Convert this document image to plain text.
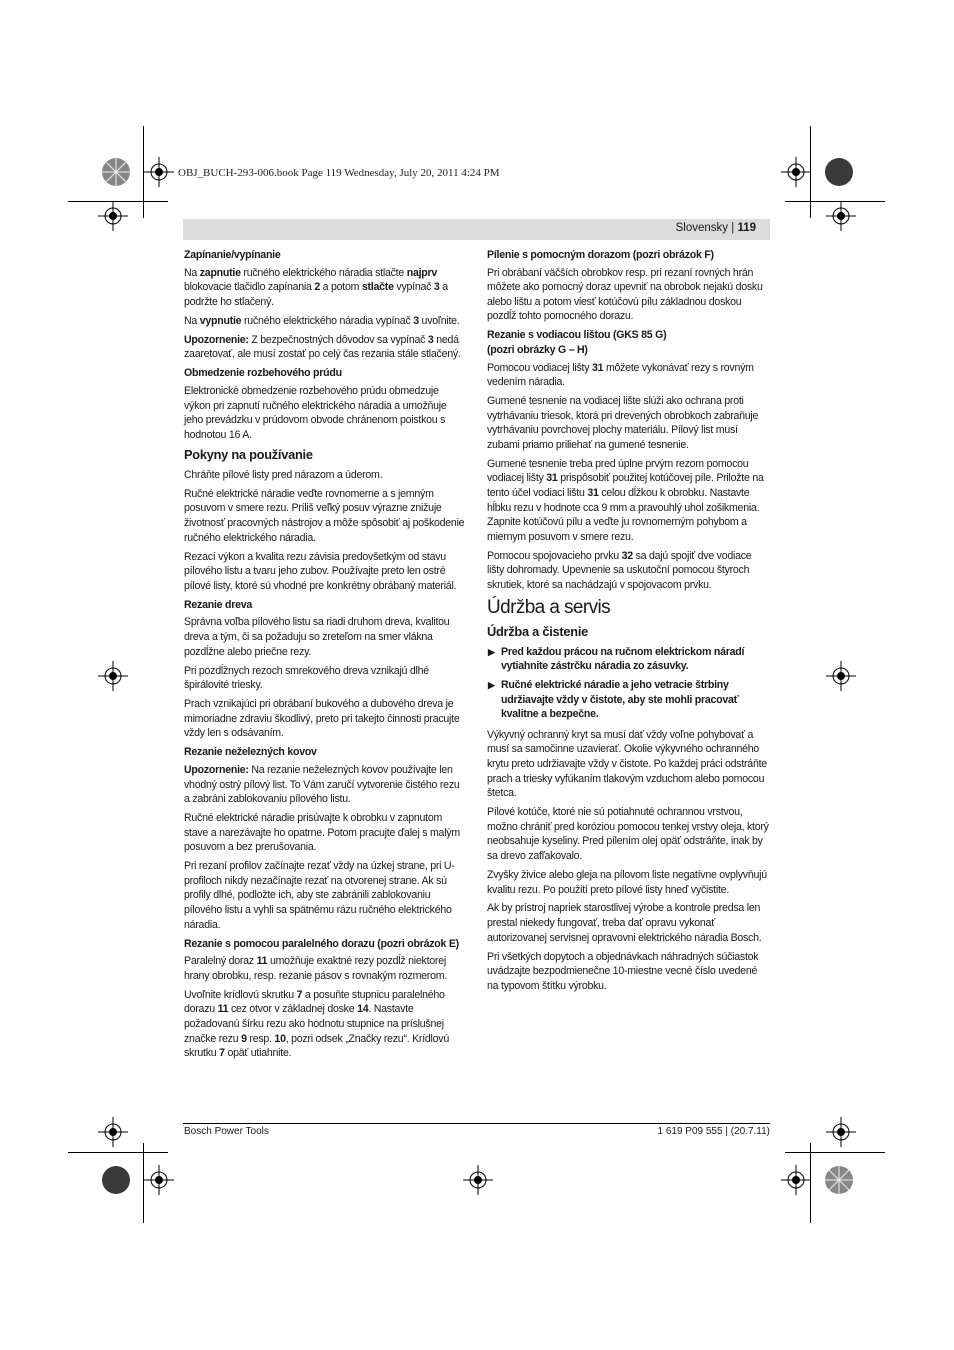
OBJ_BUCH-293-006.book Page 119 Wednesday, July 20, 2011 4:24 PM
Slovensky | 119
Zapínanie/vypínanie

Na zapnutie ručného elektrického náradia stlačte najprv blokovacie tlačidlo zapínania 2 a potom stlačte vypínač 3 a podržte ho stlačený.

Na vypnutie ručného elektrického náradia vypínač 3 uvoľnite.

Upozornenie: Z bezpečnostných dôvodov sa vypínač 3 nedá zaaretovať, ale musí zostať po celý čas rezania stále stlačený.

Obmedzenie rozbehového prúdu

Elektronické obmedzenie rozbehového prúdu obmedzuje výkon pri zapnutí ručného elektrického náradia a umožňuje jeho prevádzku v prúdovom obvode chránenom poistkou s hodnotou 16 A.

Pokyny na používanie

Chráňte pílové listy pred nárazom a úderom.

Ručné elektrické náradie veďte rovnomerne a s jemným posuvom v smere rezu. Príliš veľký posuv výrazne znižuje životnosť pracovných nástrojov a môže spôsobiť aj poškodenie ručného elektrického náradia.

Rezací výkon a kvalita rezu závisia predovšetkým od stavu pílového listu a tvaru jeho zubov. Používajte preto len ostré pílové listy, ktoré sú vhodné pre konkrétny obrábaný materiál.

Rezanie dreva

Správna voľba pílového listu sa riadi druhom dreva, kvalitou dreva a tým, či sa požaduju so zreteľom na smer vlákna pozdĺžne alebo priečne rezy.

Pri pozdĺžnych rezoch smrekového dreva vznikajú dlhé špirálovité triesky.

Prach vznikajúci pri obrábaní bukového a dubového dreva je mimoriadne zdraviu škodlivý, preto pri takejto činnosti pracujte vždy len s odsávaním.

Rezanie neželezných kovov

Upozornenie: Na rezanie neželezných kovov používajte len vhodný ostrý pílový list. To Vám zaručí vytvorenie čistého rezu a zabráni zablokovaniu pílového listu.

Ručné elektrické náradie prisúvajte k obrobku v zapnutom stave a narezávajte ho opatrne. Potom pracujte ďalej s malým posuvom a bez prerušovania.

Pri rezaní profilov začínajte rezať vždy na úzkej strane, pri U-profiloch nikdy nezačínajte rezať na otvorenej strane. Ak sú profily dlhé, podložte ich, aby ste zabránili zablokovaniu pílového listu a vyhli sa spätnému rázu ručného elektrického náradia.

Rezanie s pomocou paralelného dorazu (pozri obrázok E)

Paralelný doraz 11 umožňuje exaktné rezy pozdĺž niektorej hrany obrobku, resp. rezanie pásov s rovnakým rozmerom.

Uvoľnite krídlovú skrutku 7 a posuňte stupnicu paralelného dorazu 11 cez otvor v základnej doske 14. Nastavte požadovanú šírku rezu ako hodnotu stupnice na príslušnej značke rezu 9 resp. 10, pozri odsek „Značky rezu“. Krídlovú skrutku 7 opäť utiahnite.

Pílenie s pomocným dorazom (pozri obrázok F)

Pri obrábaní väčších obrobkov resp. pri rezaní rovných hrán môžete ako pomocný doraz upevniť na obrobok nejakú dosku alebo lištu a potom viesť kotúčovú pílu základnou doskou pozdĺž tohto pomocného dorazu.

Rezanie s vodiacou lištou (GKS 85 G)
(pozri obrázky G – H)

Pomocou vodiacej lišty 31 môžete vykonávať rezy s rovným vedením náradia.

Gumené tesnenie na vodiacej lište slúži ako ochrana proti vytrhávaniu triesok, ktorá pri drevených obrobkoch zabraňuje vytrhávaniu povrchovej plochy materiálu. Pílový list musí zubami priamo priliehať na gumené tesnenie.

Gumené tesnenie treba pred úplne prvým rezom pomocou vodiacej lišty 31 prispôsobiť použitej kotúčovej píle. Priložte na tento účel vodiaci lištu 31 celou dĺžkou k obrobku. Nastavte hĺbku rezu v hodnote cca 9 mm a pravouhlý uhol zošikmenia. Zapnite kotúčovú pílu a veďte ju rovnomerným pohybom a miernym posuvom v smere rezu.

Pomocou spojovacieho prvku 32 sa dajú spojiť dve vodiace lišty dohromady. Upevnenie sa uskutoční pomocou štyroch skrutiek, ktoré sa nachádzajú v spojovacom prvku.

Údržba a servis
Údržba a čistenie
▶ Pred každou prácou na ručnom elektrickom náradí vytiahnite zástrčku náradia zo zásuvky.
▶ Ručné elektrické náradie a jeho vetracie štrbiny udržiavajte vždy v čistote, aby ste mohli pracovať kvalitne a bezpečne.

Výkyvný ochranný kryt sa musí dať vždy voľne pohybovať a musí sa samočinne uzavierať. Okolie výkyvného ochranného krytu preto udržiavajte vždy v čistote. Po každej práci odstráňte prach a triesky vyfúkaním tlakovým vzduchom alebo pomocou štetca.

Pílové kotúče, ktoré nie sú potiahnuté ochrannou vrstvou, možno chrániť pred koróziou pomocou tenkej vrstvy oleja, ktorý neobsahuje kyseliny. Pred pílením olej opäť odstráňte, inak by sa drevo zafľakovalo.

Zvyšky živice alebo gleja na pílovom liste negatívne ovplyvňujú kvalitu rezu. Po použití preto pílové listy hneď vyčistite.

Ak by prístroj napriek starostlivej výrobe a kontrole predsa len prestal niekedy fungovať, treba dať opravu vykonať autorizovanej servisnej opravovni elektrického náradia Bosch.

Pri všetkých dopytoch a objednávkach náhradných súčiastok uvádzajte bezpodmienečne 10-miestne vecné číslo uvedené na typovom štítku výrobku.

Bosch Power Tools	1 619 P09 555 | (20.7.11)
